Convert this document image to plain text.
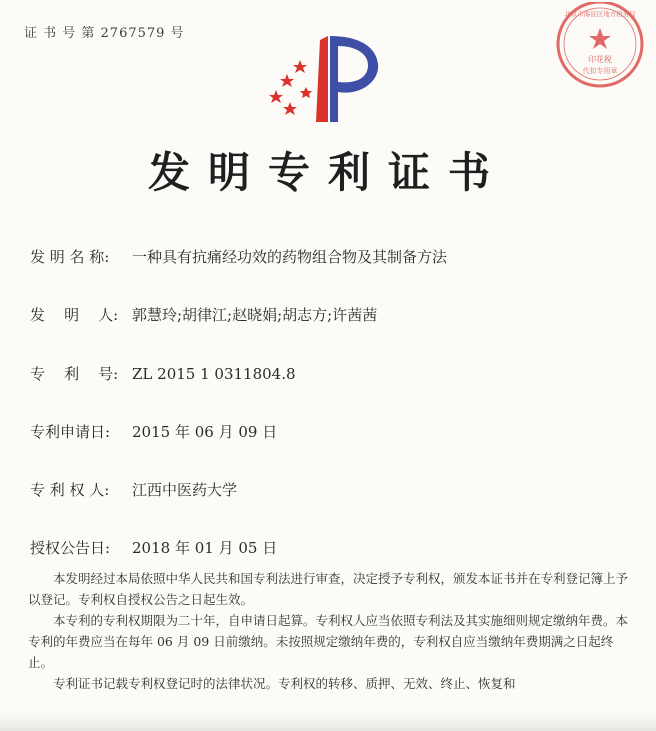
证 书 号 第 2767579 号
印花税
代扣专用章
北京市海淀区地方税务局
发明专利证书
发 明 名 称: 一种具有抗痛经功效的药物组合物及其制备方法
发    明    人: 郭慧玲;胡律江;赵晓娟;胡志方;许茜茜
专    利    号: ZL 2015 1 0311804.8
专利申请日: 2015 年 06 月 09 日
专 利 权 人: 江西中医药大学
授权公告日: 2018 年 01 月 05 日

本发明经过本局依照中华人民共和国专利法进行审查，决定授予专利权，颁发本证书并在专利登记簿上予以登记。专利权自授权公告之日起生效。

本专利的专利权期限为二十年，自申请日起算。专利权人应当依照专利法及其实施细则规定缴纳年费。本专利的年费应当在每年 06 月 09 日前缴纳。未按照规定缴纳年费的，专利权自应当缴纳年费期满之日起终止。

专利证书记载专利权登记时的法律状况。专利权的转移、质押、无效、终止、恢复和
